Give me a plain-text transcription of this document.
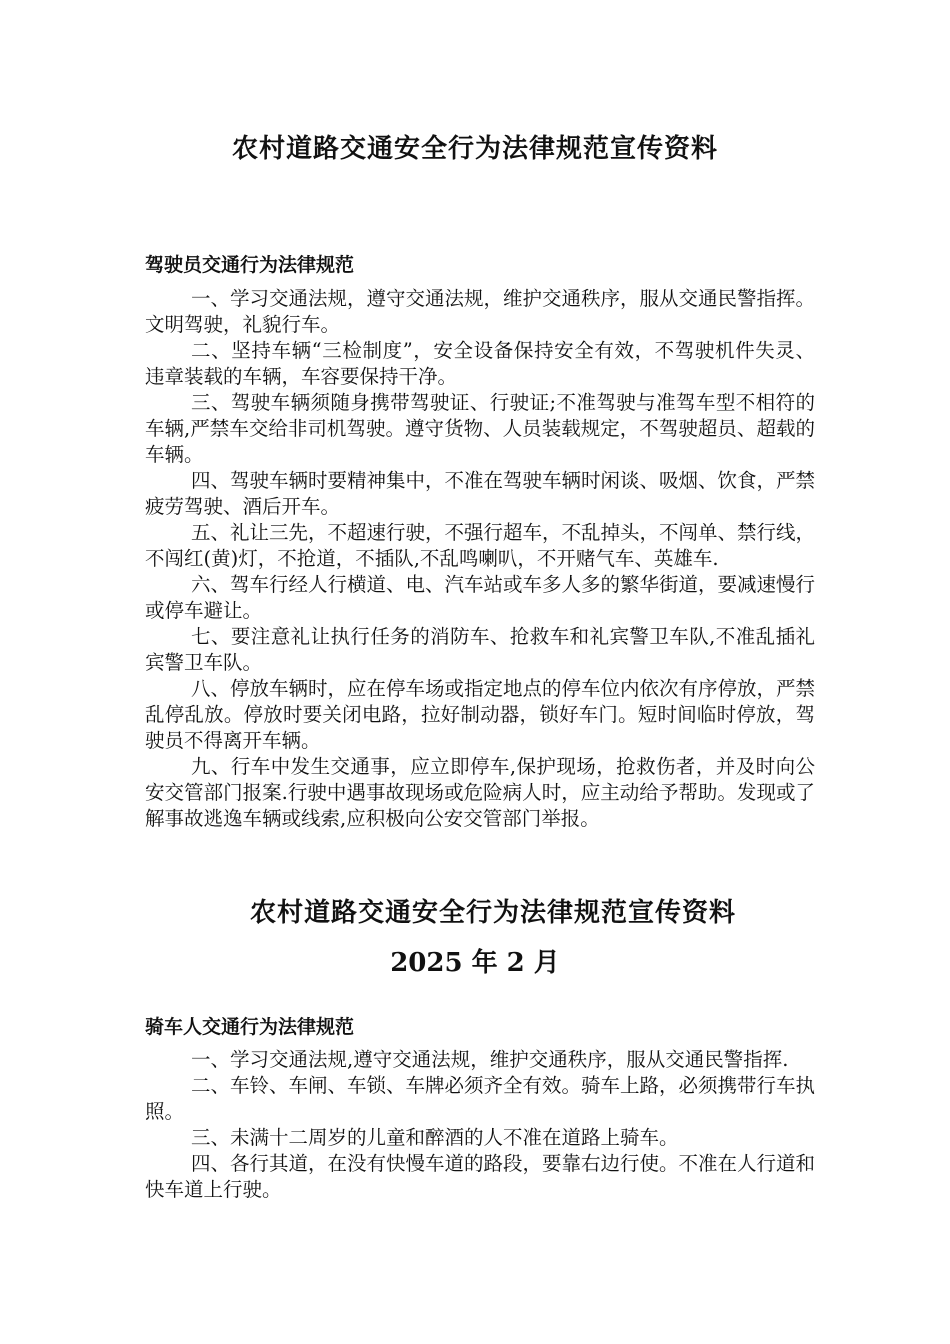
农村道路交通安全行为法律规范宣传资料
驾驶员交通行为法律规范

一、学习交通法规，遵守交通法规，维护交通秩序，服从交通民警指挥。文明驾驶，礼貌行车。

二、坚持车辆“三检制度”，安全设备保持安全有效，不驾驶机件失灵、违章装载的车辆，车容要保持干净。

三、驾驶车辆须随身携带驾驶证、行驶证;不准驾驶与准驾车型不相符的车辆,严禁车交给非司机驾驶。遵守货物、人员装载规定，不驾驶超员、超载的车辆。

四、驾驶车辆时要精神集中，不准在驾驶车辆时闲谈、吸烟、饮食，严禁疲劳驾驶、酒后开车。

五、礼让三先，不超速行驶，不强行超车，不乱掉头，不闯单、禁行线，不闯红(黄)灯，不抢道，不插队,不乱鸣喇叭，不开赌气车、英雄车.

六、驾车行经人行横道、电、汽车站或车多人多的繁华街道，要减速慢行或停车避让。

七、要注意礼让执行任务的消防车、抢救车和礼宾警卫车队,不准乱插礼宾警卫车队。

八、停放车辆时，应在停车场或指定地点的停车位内依次有序停放，严禁乱停乱放。停放时要关闭电路，拉好制动器，锁好车门。短时间临时停放，驾驶员不得离开车辆。

九、行车中发生交通事，应立即停车,保护现场，抢救伤者，并及时向公安交管部门报案.行驶中遇事故现场或危险病人时，应主动给予帮助。发现或了解事故逃逸车辆或线索,应积极向公安交管部门举报。

农村道路交通安全行为法律规范宣传资料
2025 年 2 月
骑车人交通行为法律规范

一、学习交通法规,遵守交通法规，维护交通秩序，服从交通民警指挥.

二、车铃、车闸、车锁、车牌必须齐全有效。骑车上路，必须携带行车执照。

三、未满十二周岁的儿童和醉酒的人不准在道路上骑车。

四、各行其道，在没有快慢车道的路段，要靠右边行使。不准在人行道和快车道上行驶。
